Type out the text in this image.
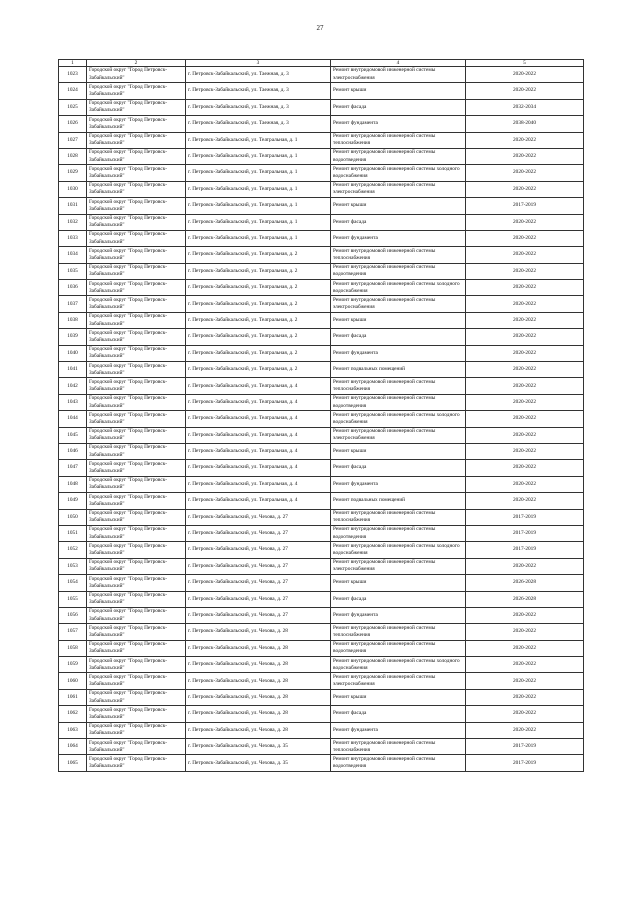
27
1	2	3	4	5
1023	Городской округ "Город Петровск-Забайкальский"	г. Петровск-Забайкальский, ул. Таежная, д. 3	Ремонт внутридомовой инженерной системы электроснабжения	2020-2022
1024	Городской округ "Город Петровск-Забайкальский"	г. Петровск-Забайкальский, ул. Таежная, д. 3	Ремонт крыши	2020-2022
1025	Городской округ "Город Петровск-Забайкальский"	г. Петровск-Забайкальский, ул. Таежная, д. 3	Ремонт фасада	2032-2034
1026	Городской округ "Город Петровск-Забайкальский"	г. Петровск-Забайкальский, ул. Таежная, д. 3	Ремонт фундамента	2038-2040
1027	Городской округ "Город Петровск-Забайкальский"	г. Петровск-Забайкальский, ул. Театральная, д. 1	Ремонт внутридомовой инженерной системы теплоснабжения	2020-2022
1028	Городской округ "Город Петровск-Забайкальский"	г. Петровск-Забайкальский, ул. Театральная, д. 1	Ремонт внутридомовой инженерной системы водоотведения	2020-2022
1029	Городской округ "Город Петровск-Забайкальский"	г. Петровск-Забайкальский, ул. Театральная, д. 1	Ремонт внутридомовой инженерной системы холодного водоснабжения	2020-2022
1030	Городской округ "Город Петровск-Забайкальский"	г. Петровск-Забайкальский, ул. Театральная, д. 1	Ремонт внутридомовой инженерной системы электроснабжения	2020-2022
1031	Городской округ "Город Петровск-Забайкальский"	г. Петровск-Забайкальский, ул. Театральная, д. 1	Ремонт крыши	2017-2019
1032	Городской округ "Город Петровск-Забайкальский"	г. Петровск-Забайкальский, ул. Театральная, д. 1	Ремонт фасада	2020-2022
1033	Городской округ "Город Петровск-Забайкальский"	г. Петровск-Забайкальский, ул. Театральная, д. 1	Ремонт фундамента	2020-2022
1034	Городской округ "Город Петровск-Забайкальский"	г. Петровск-Забайкальский, ул. Театральная, д. 2	Ремонт внутридомовой инженерной системы теплоснабжения	2020-2022
1035	Городской округ "Город Петровск-Забайкальский"	г. Петровск-Забайкальский, ул. Театральная, д. 2	Ремонт внутридомовой инженерной системы водоотведения	2020-2022
1036	Городской округ "Город Петровск-Забайкальский"	г. Петровск-Забайкальский, ул. Театральная, д. 2	Ремонт внутридомовой инженерной системы холодного водоснабжения	2020-2022
1037	Городской округ "Город Петровск-Забайкальский"	г. Петровск-Забайкальский, ул. Театральная, д. 2	Ремонт внутридомовой инженерной системы электроснабжения	2020-2022
1038	Городской округ "Город Петровск-Забайкальский"	г. Петровск-Забайкальский, ул. Театральная, д. 2	Ремонт крыши	2020-2022
1039	Городской округ "Город Петровск-Забайкальский"	г. Петровск-Забайкальский, ул. Театральная, д. 2	Ремонт фасада	2020-2022
1040	Городской округ "Город Петровск-Забайкальский"	г. Петровск-Забайкальский, ул. Театральная, д. 2	Ремонт фундамента	2020-2022
1041	Городской округ "Город Петровск-Забайкальский"	г. Петровск-Забайкальский, ул. Театральная, д. 2	Ремонт подвальных помещений	2020-2022
1042	Городской округ "Город Петровск-Забайкальский"	г. Петровск-Забайкальский, ул. Театральная, д. 4	Ремонт внутридомовой инженерной системы теплоснабжения	2020-2022
1043	Городской округ "Город Петровск-Забайкальский"	г. Петровск-Забайкальский, ул. Театральная, д. 4	Ремонт внутридомовой инженерной системы водоотведения	2020-2022
1044	Городской округ "Город Петровск-Забайкальский"	г. Петровск-Забайкальский, ул. Театральная, д. 4	Ремонт внутридомовой инженерной системы холодного водоснабжения	2020-2022
1045	Городской округ "Город Петровск-Забайкальский"	г. Петровск-Забайкальский, ул. Театральная, д. 4	Ремонт внутридомовой инженерной системы электроснабжения	2020-2022
1046	Городской округ "Город Петровск-Забайкальский"	г. Петровск-Забайкальский, ул. Театральная, д. 4	Ремонт крыши	2020-2022
1047	Городской округ "Город Петровск-Забайкальский"	г. Петровск-Забайкальский, ул. Театральная, д. 4	Ремонт фасада	2020-2022
1048	Городской округ "Город Петровск-Забайкальский"	г. Петровск-Забайкальский, ул. Театральная, д. 4	Ремонт фундамента	2020-2022
1049	Городской округ "Город Петровск-Забайкальский"	г. Петровск-Забайкальский, ул. Театральная, д. 4	Ремонт подвальных помещений	2020-2022
1050	Городской округ "Город Петровск-Забайкальский"	г. Петровск-Забайкальский, ул. Чехова, д. 27	Ремонт внутридомовой инженерной системы теплоснабжения	2017-2019
1051	Городской округ "Город Петровск-Забайкальский"	г. Петровск-Забайкальский, ул. Чехова, д. 27	Ремонт внутридомовой инженерной системы водоотведения	2017-2019
1052	Городской округ "Город Петровск-Забайкальский"	г. Петровск-Забайкальский, ул. Чехова, д. 27	Ремонт внутридомовой инженерной системы холодного водоснабжения	2017-2019
1053	Городской округ "Город Петровск-Забайкальский"	г. Петровск-Забайкальский, ул. Чехова, д. 27	Ремонт внутридомовой инженерной системы электроснабжения	2020-2022
1054	Городской округ "Город Петровск-Забайкальский"	г. Петровск-Забайкальский, ул. Чехова, д. 27	Ремонт крыши	2026-2028
1055	Городской округ "Город Петровск-Забайкальский"	г. Петровск-Забайкальский, ул. Чехова, д. 27	Ремонт фасада	2026-2028
1056	Городской округ "Город Петровск-Забайкальский"	г. Петровск-Забайкальский, ул. Чехова, д. 27	Ремонт фундамента	2020-2022
1057	Городской округ "Город Петровск-Забайкальский"	г. Петровск-Забайкальский, ул. Чехова, д. 28	Ремонт внутридомовой инженерной системы теплоснабжения	2020-2022
1058	Городской округ "Город Петровск-Забайкальский"	г. Петровск-Забайкальский, ул. Чехова, д. 28	Ремонт внутридомовой инженерной системы водоотведения	2020-2022
1059	Городской округ "Город Петровск-Забайкальский"	г. Петровск-Забайкальский, ул. Чехова, д. 28	Ремонт внутридомовой инженерной системы холодного водоснабжения	2020-2022
1060	Городской округ "Город Петровск-Забайкальский"	г. Петровск-Забайкальский, ул. Чехова, д. 28	Ремонт внутридомовой инженерной системы электроснабжения	2020-2022
1061	Городской округ "Город Петровск-Забайкальский"	г. Петровск-Забайкальский, ул. Чехова, д. 28	Ремонт крыши	2020-2022
1062	Городской округ "Город Петровск-Забайкальский"	г. Петровск-Забайкальский, ул. Чехова, д. 28	Ремонт фасада	2020-2022
1063	Городской округ "Город Петровск-Забайкальский"	г. Петровск-Забайкальский, ул. Чехова, д. 28	Ремонт фундамента	2020-2022
1064	Городской округ "Город Петровск-Забайкальский"	г. Петровск-Забайкальский, ул. Чехова, д. 35	Ремонт внутридомовой инженерной системы теплоснабжения	2017-2019
1065	Городской округ "Город Петровск-Забайкальский"	г. Петровск-Забайкальский, ул. Чехова, д. 35	Ремонт внутридомовой инженерной системы водоотведения	2017-2019
